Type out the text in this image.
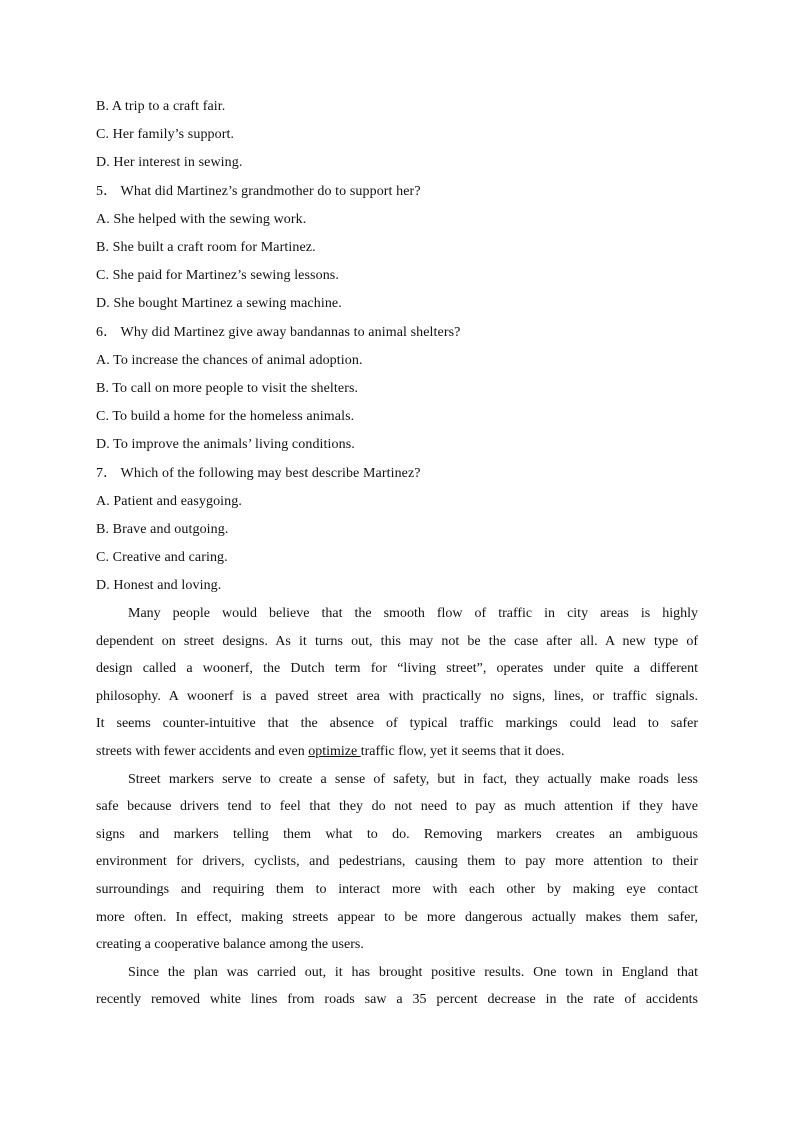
B. A trip to a craft fair.
C. Her family’s support.
D. Her interest in sewing.
5． What did Martinez’s grandmother do to support her?
A. She helped with the sewing work.
B. She built a craft room for Martinez.
C. She paid for Martinez’s sewing lessons.
D. She bought Martinez a sewing machine.
6． Why did Martinez give away bandannas to animal shelters?
A. To increase the chances of animal adoption.
B. To call on more people to visit the shelters.
C. To build a home for the homeless animals.
D. To improve the animals’ living conditions.
7． Which of the following may best describe Martinez?
A. Patient and easygoing.
B. Brave and outgoing.
C. Creative and caring.
D. Honest and loving.
Many people would believe that the smooth flow of traffic in city areas is highly
dependent on street designs. As it turns out, this may not be the case after all. A new type of
design called a woonerf, the Dutch term for “living street”, operates under quite a different
philosophy. A woonerf is a paved street area with practically no signs, lines, or traffic signals.
It seems counter-intuitive that the absence of typical traffic markings could lead to safer
streets with fewer accidents and even optimize traffic flow, yet it seems that it does.
Street markers serve to create a sense of safety, but in fact, they actually make roads less
safe because drivers tend to feel that they do not need to pay as much attention if they have
signs and markers telling them what to do. Removing markers creates an ambiguous
environment for drivers, cyclists, and pedestrians, causing them to pay more attention to their
surroundings and requiring them to interact more with each other by making eye contact
more often. In effect, making streets appear to be more dangerous actually makes them safer,
creating a cooperative balance among the users.
Since the plan was carried out, it has brought positive results. One town in England that
recently removed white lines from roads saw a 35 percent decrease in the rate of accidents
